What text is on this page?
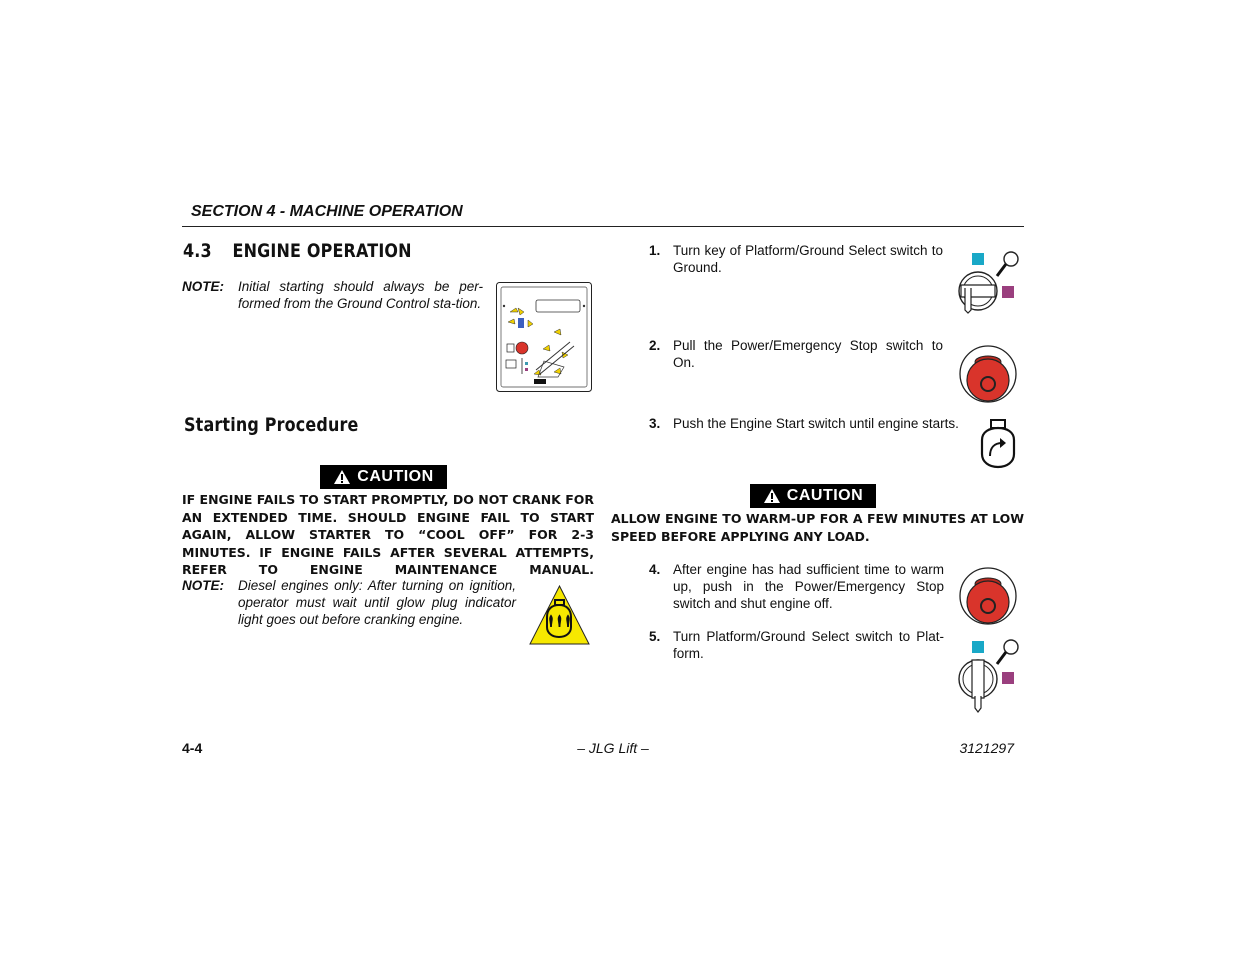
SECTION 4 - MACHINE OPERATION
4.3 ENGINE OPERATION
NOTE: Initial starting should always be per-formed from the Ground Control sta-tion.
Starting Procedure
CAUTION
IF ENGINE FAILS TO START PROMPTLY, DO NOT CRANK FOR AN EXTENDED TIME. SHOULD ENGINE FAIL TO START AGAIN, ALLOW STARTER TO “COOL OFF” FOR 2-3 MINUTES. IF ENGINE FAILS AFTER SEVERAL ATTEMPTS, REFER TO ENGINE MAINTENANCE MANUAL.
NOTE: Diesel engines only: After turning on ignition, operator must wait until glow plug indicator light goes out before cranking engine.
1. Turn key of Platform/Ground Select switch to Ground.
2. Pull the Power/Emergency Stop switch to On.
3. Push the Engine Start switch until engine starts.
CAUTION
ALLOW ENGINE TO WARM-UP FOR A FEW MINUTES AT LOW SPEED BEFORE APPLYING ANY LOAD.
4. After engine has had sufficient time to warm up, push in the Power/Emergency Stop switch and shut engine off.
5. Turn Platform/Ground Select switch to Plat-form.
4-4	– JLG Lift –	3121297
